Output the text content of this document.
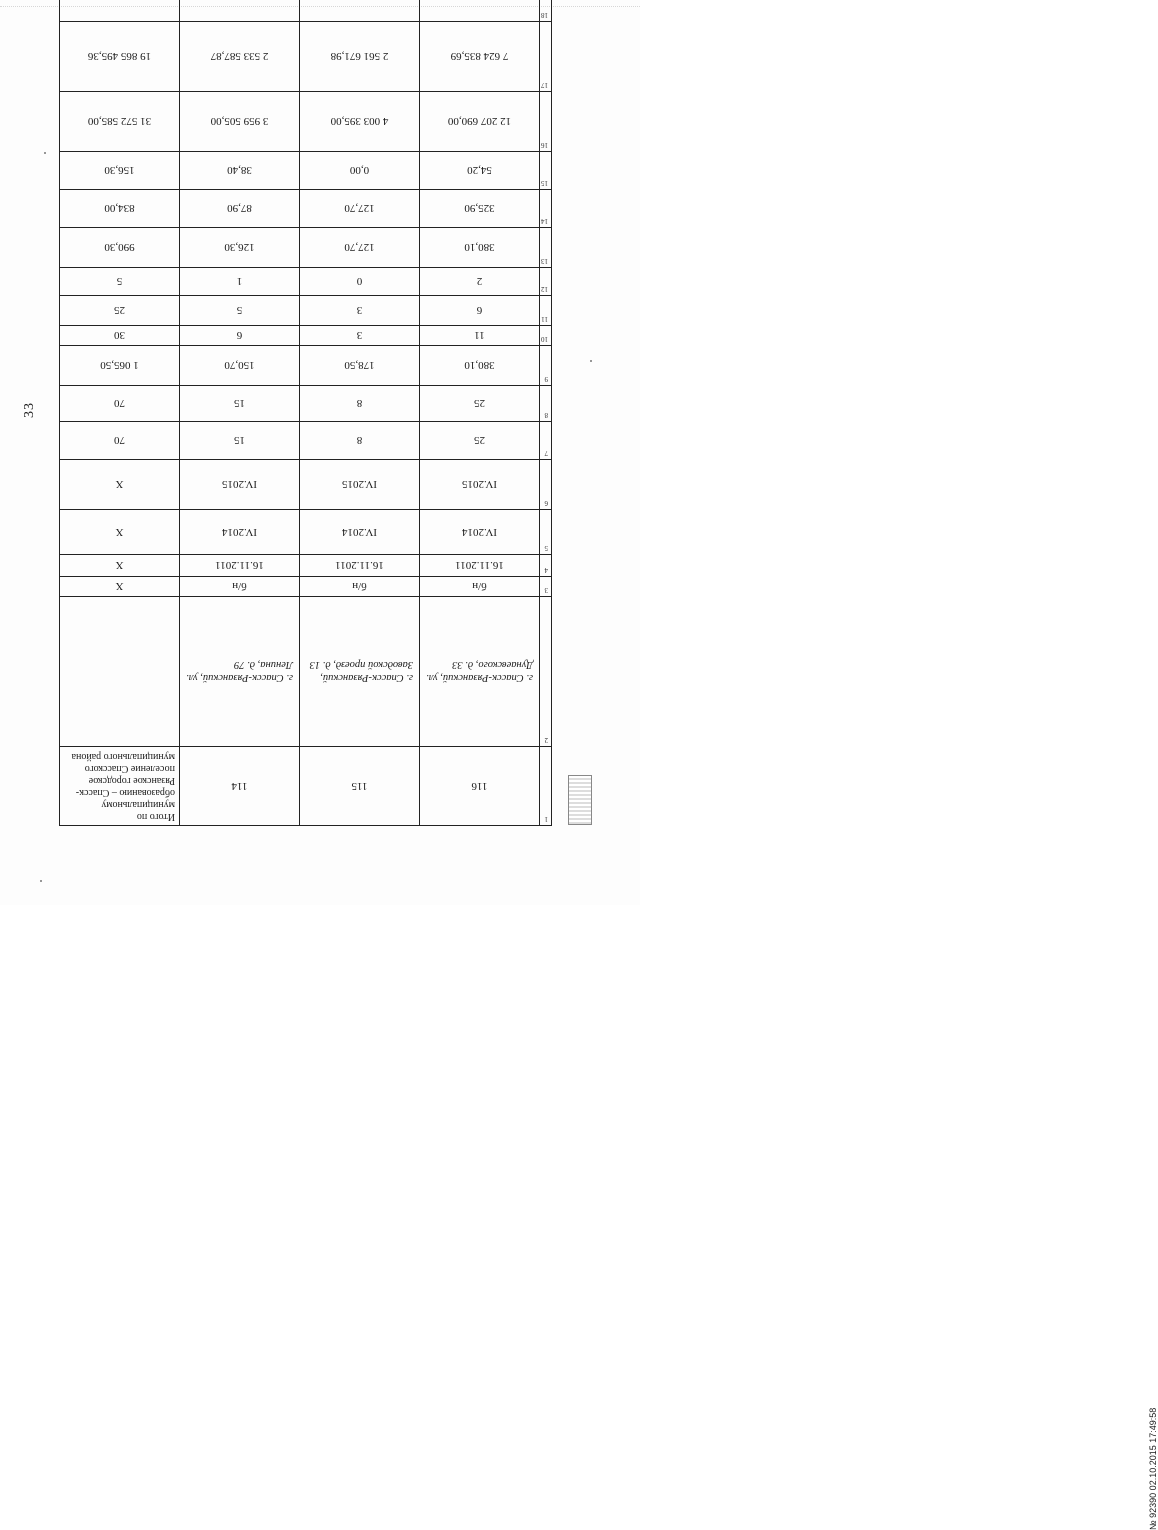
33
1	116	115	114	Итого по муниципальному образованию – Спасск-Рязанское городское поселение Спасского муниципального района
2	г. Спасск-Рязанский, ул. Дунаевского, д. 33	г. Спасск-Рязанский, Заводской проезд, д. 13	г. Спасск-Рязанский, ул. Ленина, д. 79	
3	б/н	б/н	б/н	X
4	16.11.2011	16.11.2011	16.11.2011	X
5	IV.2014	IV.2014	IV.2014	X
6	IV.2015	IV.2015	IV.2015	X
7	25	8	15	70
8	25	8	15	70
9	380,10	178,50	150,70	1 065,50
10	11	3	6	30
11	6	3	5	25
12	2	0	1	5
13	380,10	127,70	126,30	990,30
14	325,90	127,70	87,90	834,00
15	54,20	0,00	38,40	156,30
16	12 207 690,00	4 003 395,00	3 959 505,00	31 572 585,00
17	7 624 835,69	2 561 671,98	2 533 587,87	19 865 495,36
18				

№ 92390 02.10.2015 17:49:58
